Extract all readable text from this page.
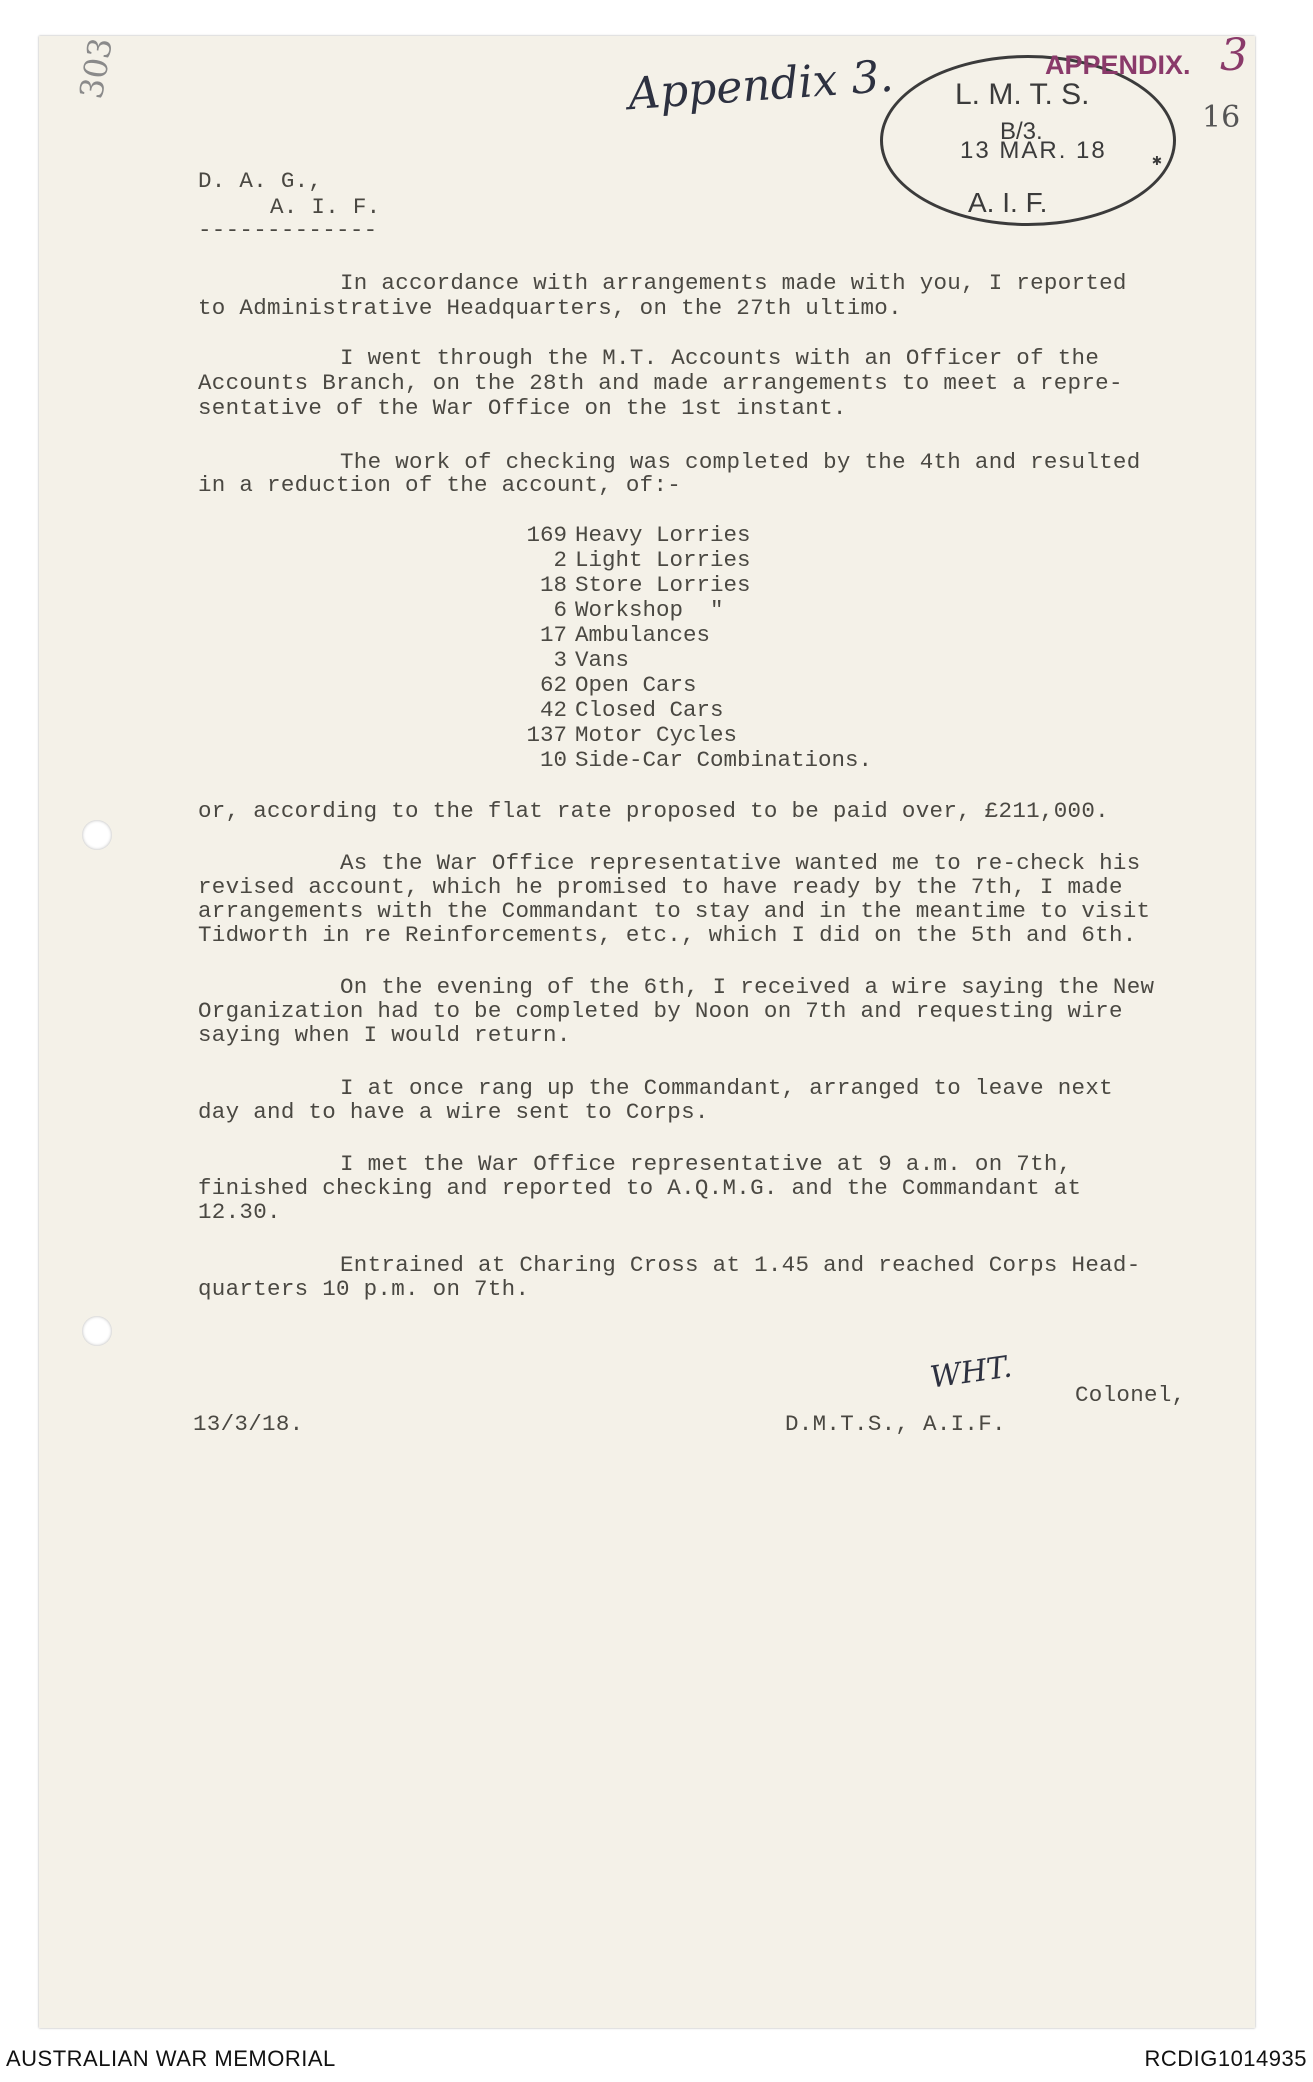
303	Appendix 3. L. M. T. S.
B/3.
13 MAR. 18
A. I. F.
✱
APPENDIX. 3
16
D. A. G.,
A. I. F.
-------------
In accordance with arrangements made with you, I reported
to Administrative Headquarters, on the 27th ultimo.
I went through the M.T. Accounts with an Officer of the
Accounts Branch, on the 28th and made arrangements to meet a repre-
sentative of the War Office on the 1st instant.
The work of checking was completed by the 4th and resulted
in a reduction of the account, of:-
169 Heavy Lorries
2 Light Lorries
18 Store Lorries
6 Workshop  "
17 Ambulances
3 Vans
62 Open Cars
42 Closed Cars
137 Motor Cycles
10 Side-Car Combinations.
or, according to the flat rate proposed to be paid over, £211,000.
As the War Office representative wanted me to re-check his
revised account, which he promised to have ready by the 7th, I made
arrangements with the Commandant to stay and in the meantime to visit
Tidworth in re Reinforcements, etc., which I did on the 5th and 6th.
On the evening of the 6th, I received a wire saying the New
Organization had to be completed by Noon on 7th and requesting wire
saying when I would return.
I at once rang up the Commandant, arranged to leave next
day and to have a wire sent to Corps.
I met the War Office representative at 9 a.m. on 7th,
finished checking and reported to A.Q.M.G. and the Commandant at
12.30.
Entrained at Charing Cross at 1.45 and reached Corps Head-
quarters 10 p.m. on 7th.
WHT.	Colonel,
13/3/18.	D.M.T.S., A.I.F.
AUSTRALIAN WAR MEMORIAL	RCDIG1014935
